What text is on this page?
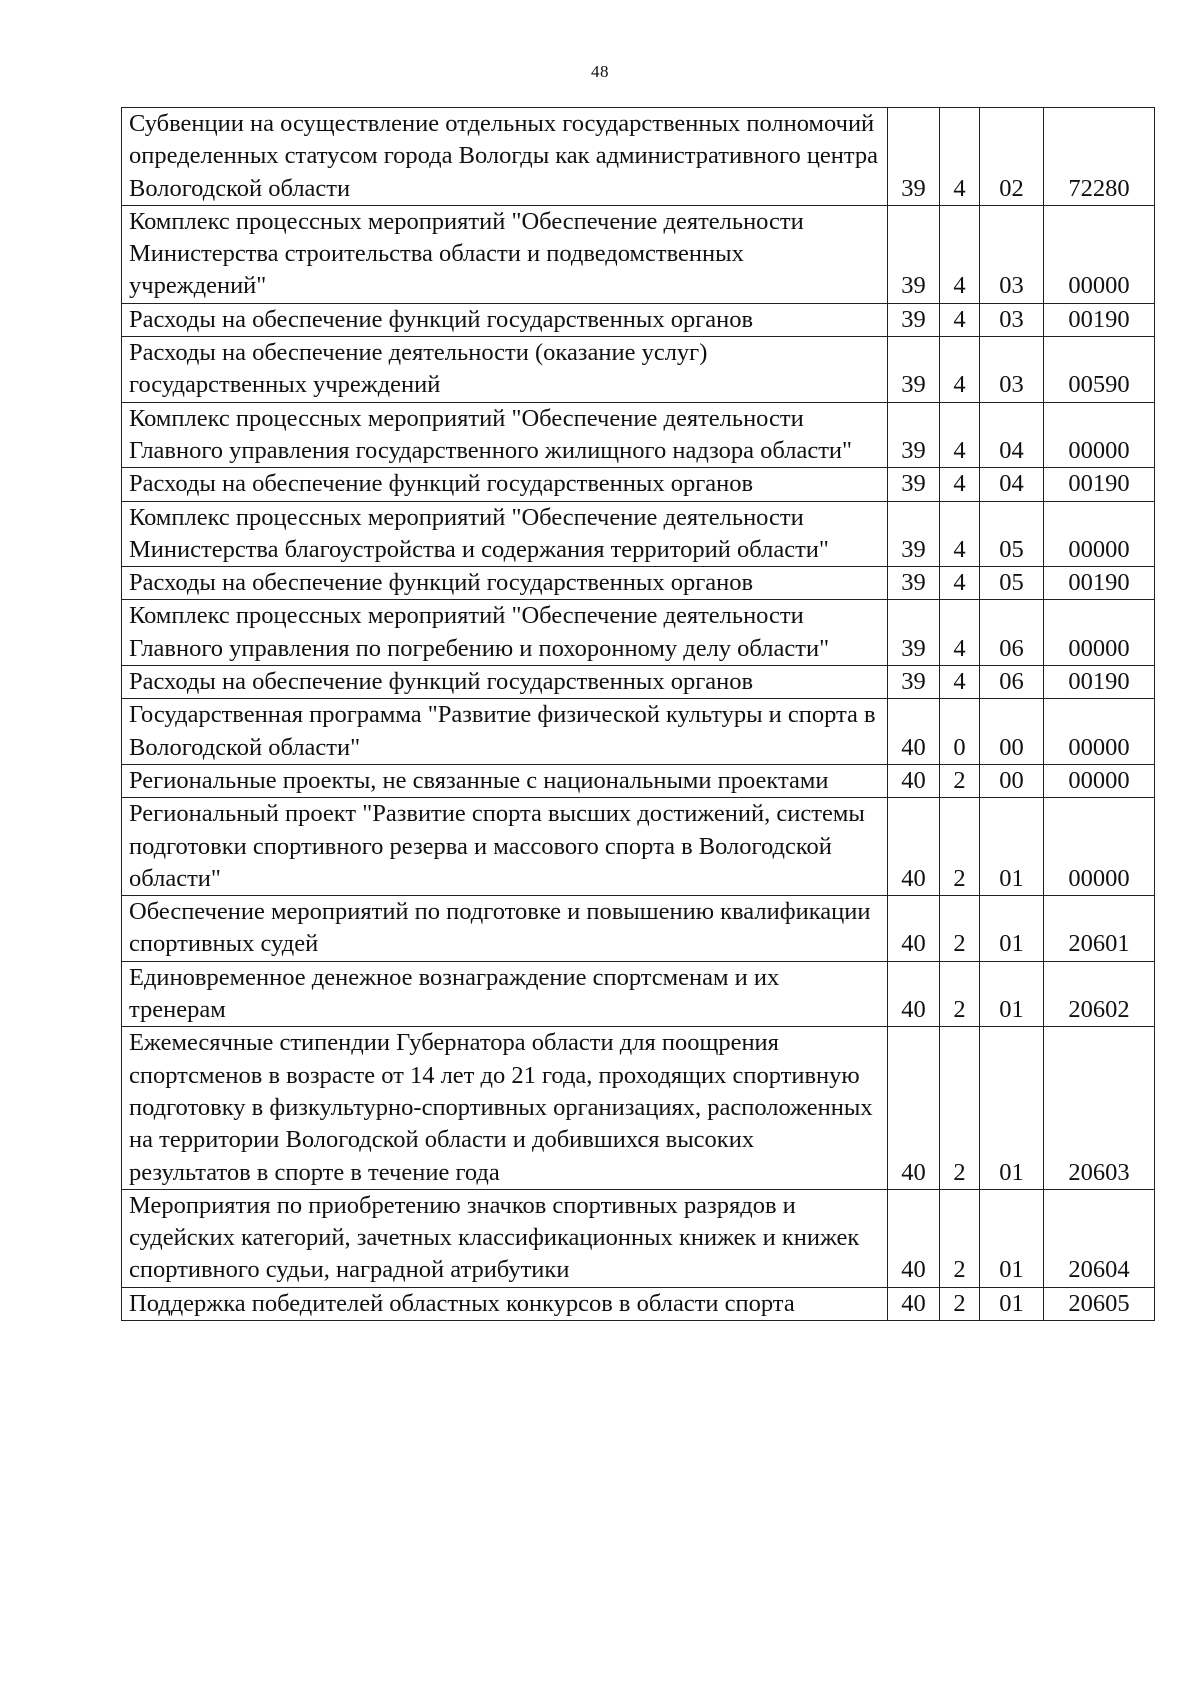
48
Субвенции на осуществление отдельных государственных полномочий определенных статусом города Вологды как административного центра Вологодской области	39	4	02	72280
Комплекс процессных мероприятий "Обеспечение деятельности Министерства строительства области и подведомственных учреждений"	39	4	03	00000
Расходы на обеспечение функций государственных органов	39	4	03	00190
Расходы на обеспечение деятельности (оказание услуг) государственных учреждений	39	4	03	00590
Комплекс процессных мероприятий "Обеспечение деятельности Главного управления государственного жилищного надзора области"	39	4	04	00000
Расходы на обеспечение функций государственных органов	39	4	04	00190
Комплекс процессных мероприятий "Обеспечение деятельности Министерства благоустройства и содержания территорий области"	39	4	05	00000
Расходы на обеспечение функций государственных органов	39	4	05	00190
Комплекс процессных мероприятий "Обеспечение деятельности Главного управления по погребению и похоронному делу области"	39	4	06	00000
Расходы на обеспечение функций государственных органов	39	4	06	00190
Государственная программа "Развитие физической культуры и спорта в Вологодской области"	40	0	00	00000
Региональные проекты, не связанные с национальными проектами	40	2	00	00000
Региональный проект "Развитие спорта высших достижений, системы подготовки спортивного резерва и массового спорта в Вологодской области"	40	2	01	00000
Обеспечение мероприятий по подготовке и повышению квалификации спортивных судей	40	2	01	20601
Единовременное денежное вознаграждение спортсменам и их тренерам	40	2	01	20602
Ежемесячные стипендии Губернатора области для поощрения спортсменов в возрасте от 14 лет до 21 года, проходящих спортивную подготовку в физкультурно-спортивных организациях, расположенных на территории Вологодской области и добившихся высоких результатов в спорте в течение года	40	2	01	20603
Мероприятия по приобретению значков спортивных разрядов и судейских категорий, зачетных классификационных книжек и книжек спортивного судьи, наградной атрибутики	40	2	01	20604
Поддержка победителей областных конкурсов в области спорта	40	2	01	20605
